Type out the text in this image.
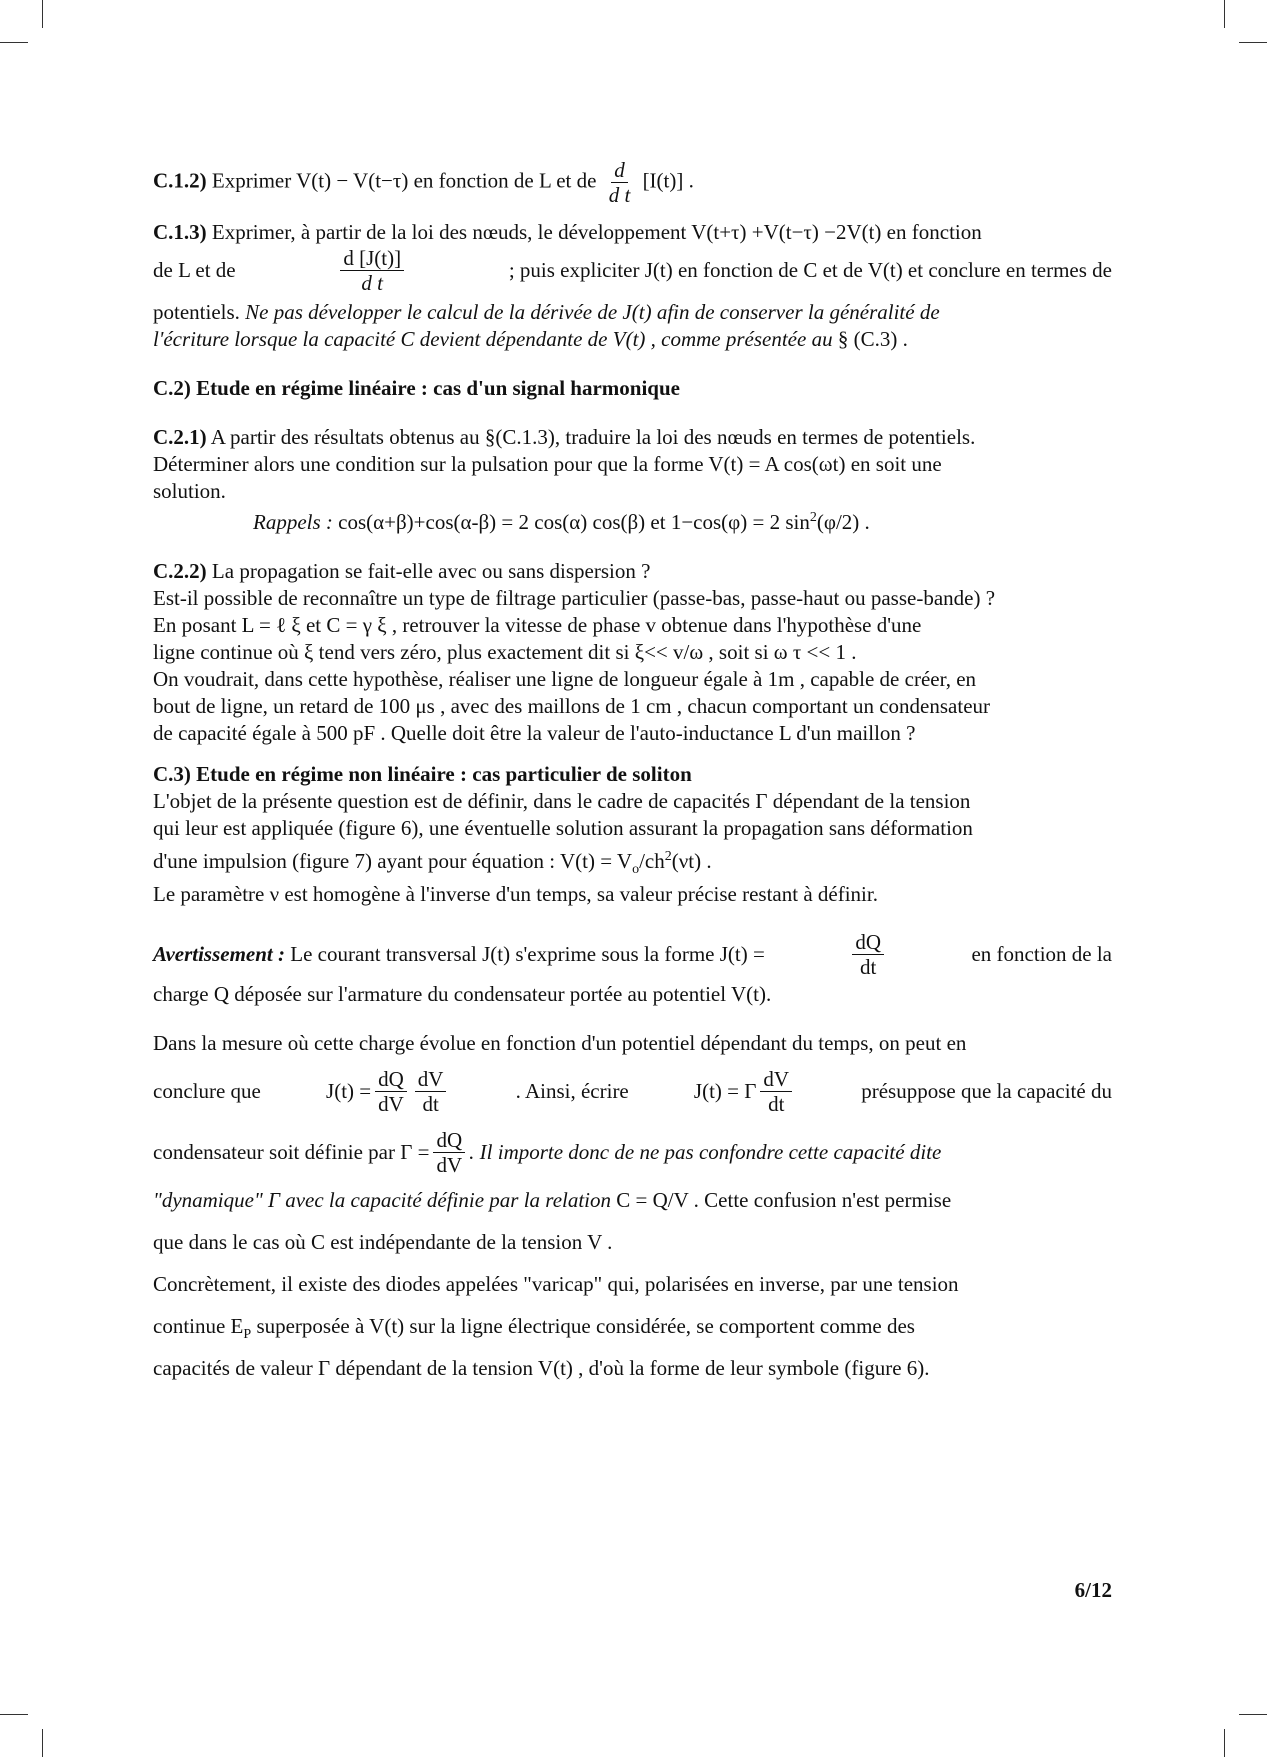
C.1.2) Exprimer V(t) − V(t−τ) en fonction de L et de $\frac{d}{\text{d t}} [I(t)]$ .

C.1.3) Exprimer, à partir de la loi des nœuds, le développement V(t+τ) +V(t−τ) −2V(t) en fonction
de L et de	$\frac{d [J(t)]}{\text{d t}}$	; puis expliciter J(t) en fonction de C et de V(t) et conclure en termes de
potentiels. Ne pas développer le calcul de la dérivée de J(t) afin de conserver la généralité de
l'écriture lorsque la capacité C devient dépendante de V(t) , comme présentée au § (C.3) .

C.2) Etude en régime linéaire : cas d'un signal harmonique

C.2.1) A partir des résultats obtenus au §(C.1.3), traduire la loi des nœuds en termes de potentiels.
Déterminer alors une condition sur la pulsation pour que la forme V(t) = A cos(ωt) en soit une
solution.
Rappels : cos(α+β)+cos(α-β) = 2 cos(α) cos(β) et 1−cos(φ) = 2 $\sin^2(\varphi/2)$ .
C.2.2) La propagation se fait-elle avec ou sans dispersion ?
Est-il possible de reconnaître un type de filtrage particulier (passe-bas, passe-haut ou passe-bande) ?
En posant L = ℓ ξ et C = γ ξ , retrouver la vitesse de phase v obtenue dans l'hypothèse d'une
ligne continue où ξ tend vers zéro, plus exactement dit si ξ<< v/ω , soit si ω τ << 1 .
On voudrait, dans cette hypothèse, réaliser une ligne de longueur égale à 1m , capable de créer, en
bout de ligne, un retard de 100 μs , avec des maillons de 1 cm , chacun comportant un condensateur
de capacité égale à 500 pF . Quelle doit être la valeur de l'auto-inductance L d'un maillon ?
C.3) Etude en régime non linéaire : cas particulier de soliton
L'objet de la présente question est de définir, dans le cadre de capacités Γ dépendant de la tension
qui leur est appliquée (figure 6), une éventuelle solution assurant la propagation sans déformation
d'une impulsion (figure 7) ayant pour équation : $V(t) = V_o/ch^2(\nu t)$ .
Le paramètre ν est homogène à l'inverse d'un temps, sa valeur précise restant à définir.
Avertissement : Le courant transversal J(t) s'exprime sous la forme J(t) =	$\frac{dQ}{dt}$	en fonction de la
charge Q déposée sur l'armature du condensateur portée au potentiel V(t).
Dans la mesure où cette charge évolue en fonction d'un potentiel dépendant du temps, on peut en
conclure que	$J(t) = \frac{dQ}{dV} \frac{dV}{dt}$	. Ainsi, écrire	J(t) = Γ $\frac{dV}{dt}$	présuppose que la capacité du
condensateur soit définie par $\Gamma = \frac{dQ}{dV}$ . Il importe donc de ne pas confondre cette capacité dite
"dynamique" Γ avec la capacité définie par la relation C = Q/V . Cette confusion n'est permise
que dans le cas où C est indépendante de la tension V .
Concrètement, il existe des diodes appelées "varicap" qui, polarisées en inverse, par une tension
continue $E_P$ superposée à V(t) sur la ligne électrique considérée, se comportent comme des
capacités de valeur Γ dépendant de la tension V(t) , d'où la forme de leur symbole (figure 6).
6/12
